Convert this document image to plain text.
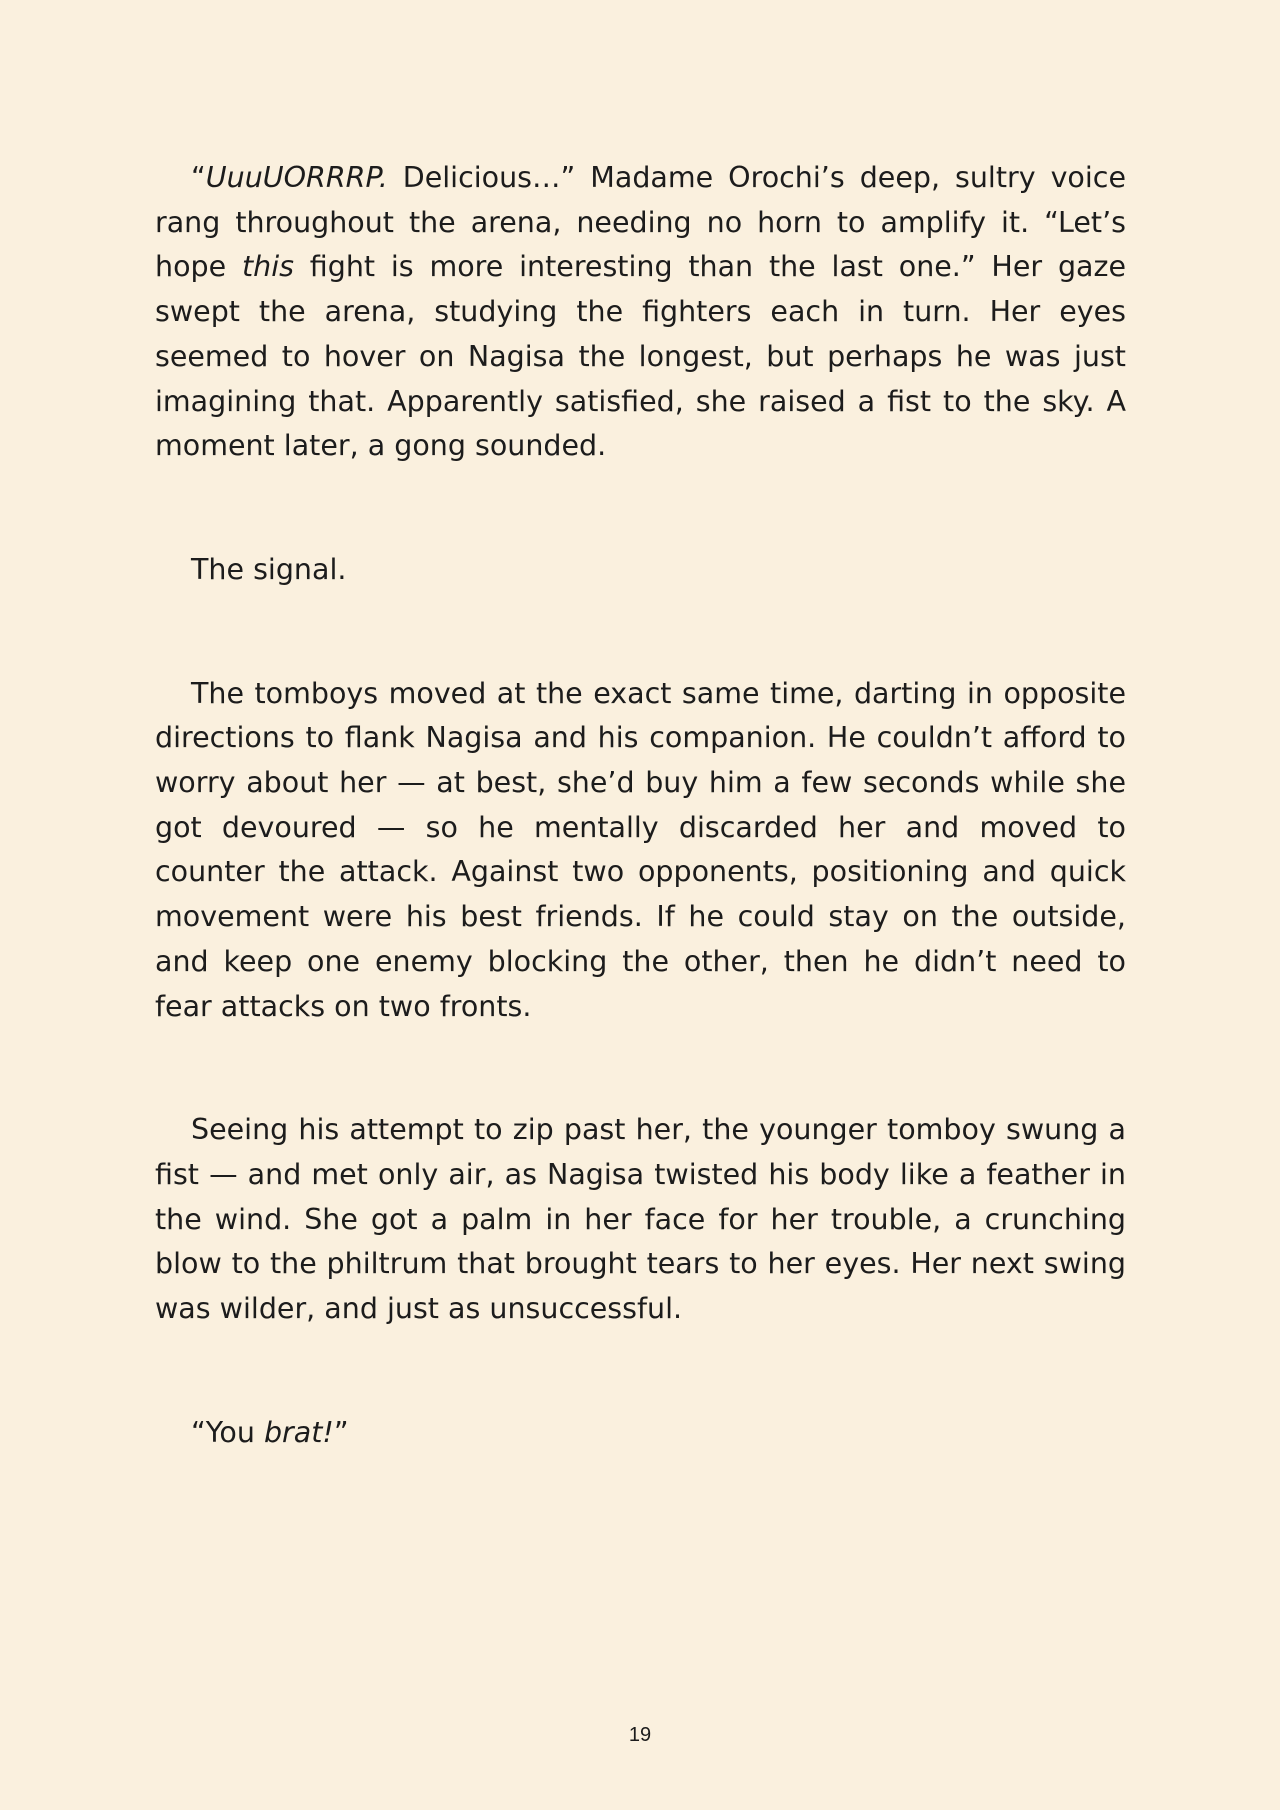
“UuuUORRRP. Delicious…” Madame Orochi’s deep, sultry voice rang throughout the arena, needing no horn to amplify it. “Let’s hope this fight is more interesting than the last one.” Her gaze swept the arena, studying the fighters each in turn. Her eyes seemed to hover on Nagisa the longest, but perhaps he was just imagining that. Apparently satisfied, she raised a fist to the sky. A moment later, a gong sounded.

The signal.

The tomboys moved at the exact same time, darting in opposite directions to flank Nagisa and his companion. He couldn’t afford to worry about her — at best, she’d buy him a few seconds while she got devoured — so he mentally discarded her and moved to counter the attack. Against two opponents, positioning and quick movement were his best friends. If he could stay on the outside, and keep one enemy blocking the other, then he didn’t need to fear attacks on two fronts.

Seeing his attempt to zip past her, the younger tomboy swung a fist — and met only air, as Nagisa twisted his body like a feather in the wind. She got a palm in her face for her trouble, a crunching blow to the philtrum that brought tears to her eyes. Her next swing was wilder, and just as unsuccessful.

“You brat!”

19
